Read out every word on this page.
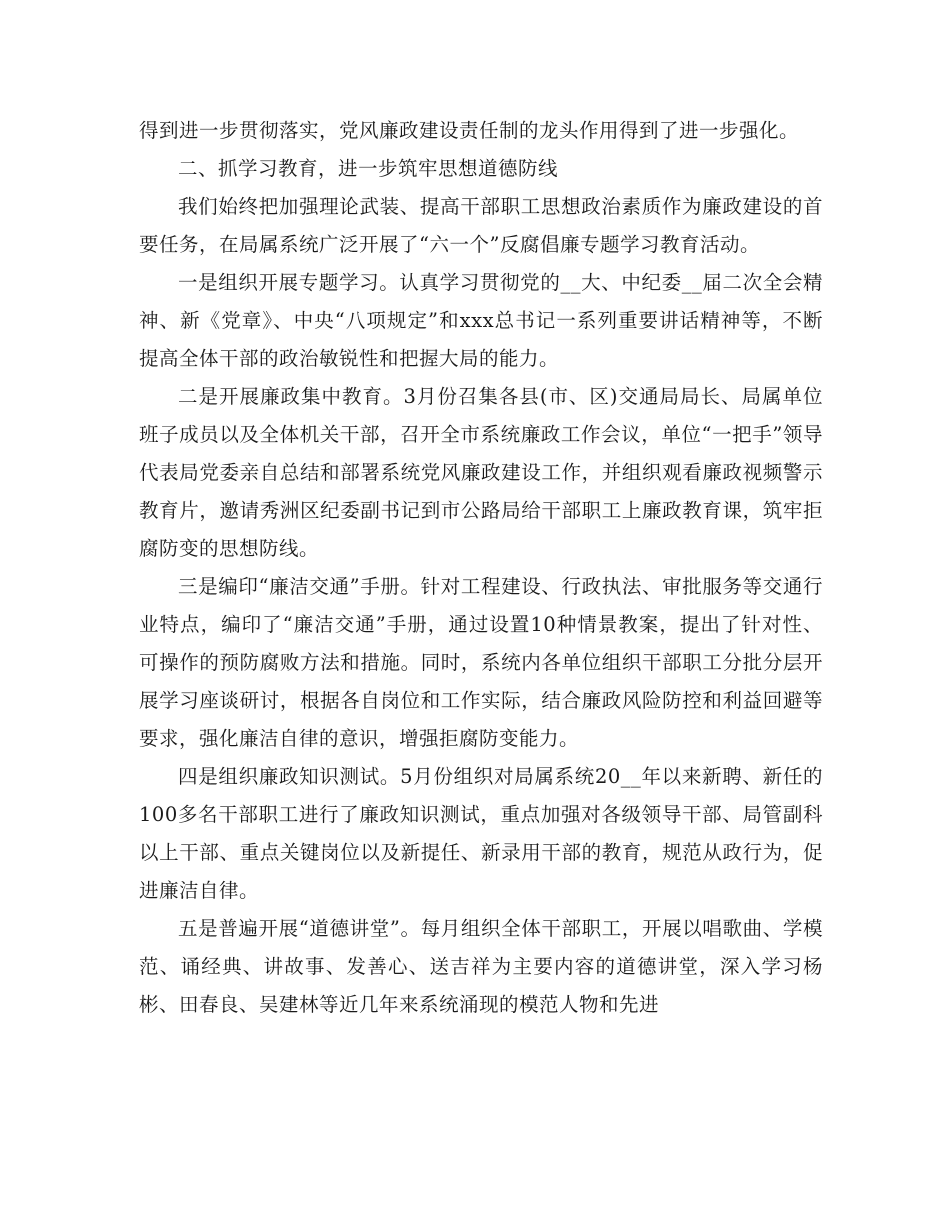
得到进一步贯彻落实，党风廉政建设责任制的龙头作用得到了进一步强化。

二、抓学习教育，进一步筑牢思想道德防线

我们始终把加强理论武装、提高干部职工思想政治素质作为廉政建设的首要任务，在局属系统广泛开展了“六一个”反腐倡廉专题学习教育活动。

一是组织开展专题学习。认真学习贯彻党的__大、中纪委__届二次全会精神、新《党章》、中央“八项规定”和xxx总书记一系列重要讲话精神等，不断提高全体干部的政治敏锐性和把握大局的能力。

二是开展廉政集中教育。3月份召集各县(市、区)交通局局长、局属单位班子成员以及全体机关干部，召开全市系统廉政工作会议，单位“一把手”领导代表局党委亲自总结和部署系统党风廉政建设工作，并组织观看廉政视频警示教育片，邀请秀洲区纪委副书记到市公路局给干部职工上廉政教育课，筑牢拒腐防变的思想防线。

三是编印“廉洁交通”手册。针对工程建设、行政执法、审批服务等交通行业特点，编印了“廉洁交通”手册，通过设置10种情景教案，提出了针对性、可操作的预防腐败方法和措施。同时，系统内各单位组织干部职工分批分层开展学习座谈研讨，根据各自岗位和工作实际，结合廉政风险防控和利益回避等要求，强化廉洁自律的意识，增强拒腐防变能力。

四是组织廉政知识测试。5月份组织对局属系统20__年以来新聘、新任的100多名干部职工进行了廉政知识测试，重点加强对各级领导干部、局管副科以上干部、重点关键岗位以及新提任、新录用干部的教育，规范从政行为，促进廉洁自律。

五是普遍开展“道德讲堂”。每月组织全体干部职工，开展以唱歌曲、学模范、诵经典、讲故事、发善心、送吉祥为主要内容的道德讲堂，深入学习杨彬、田春良、吴建林等近几年来系统涌现的模范人物和先进
